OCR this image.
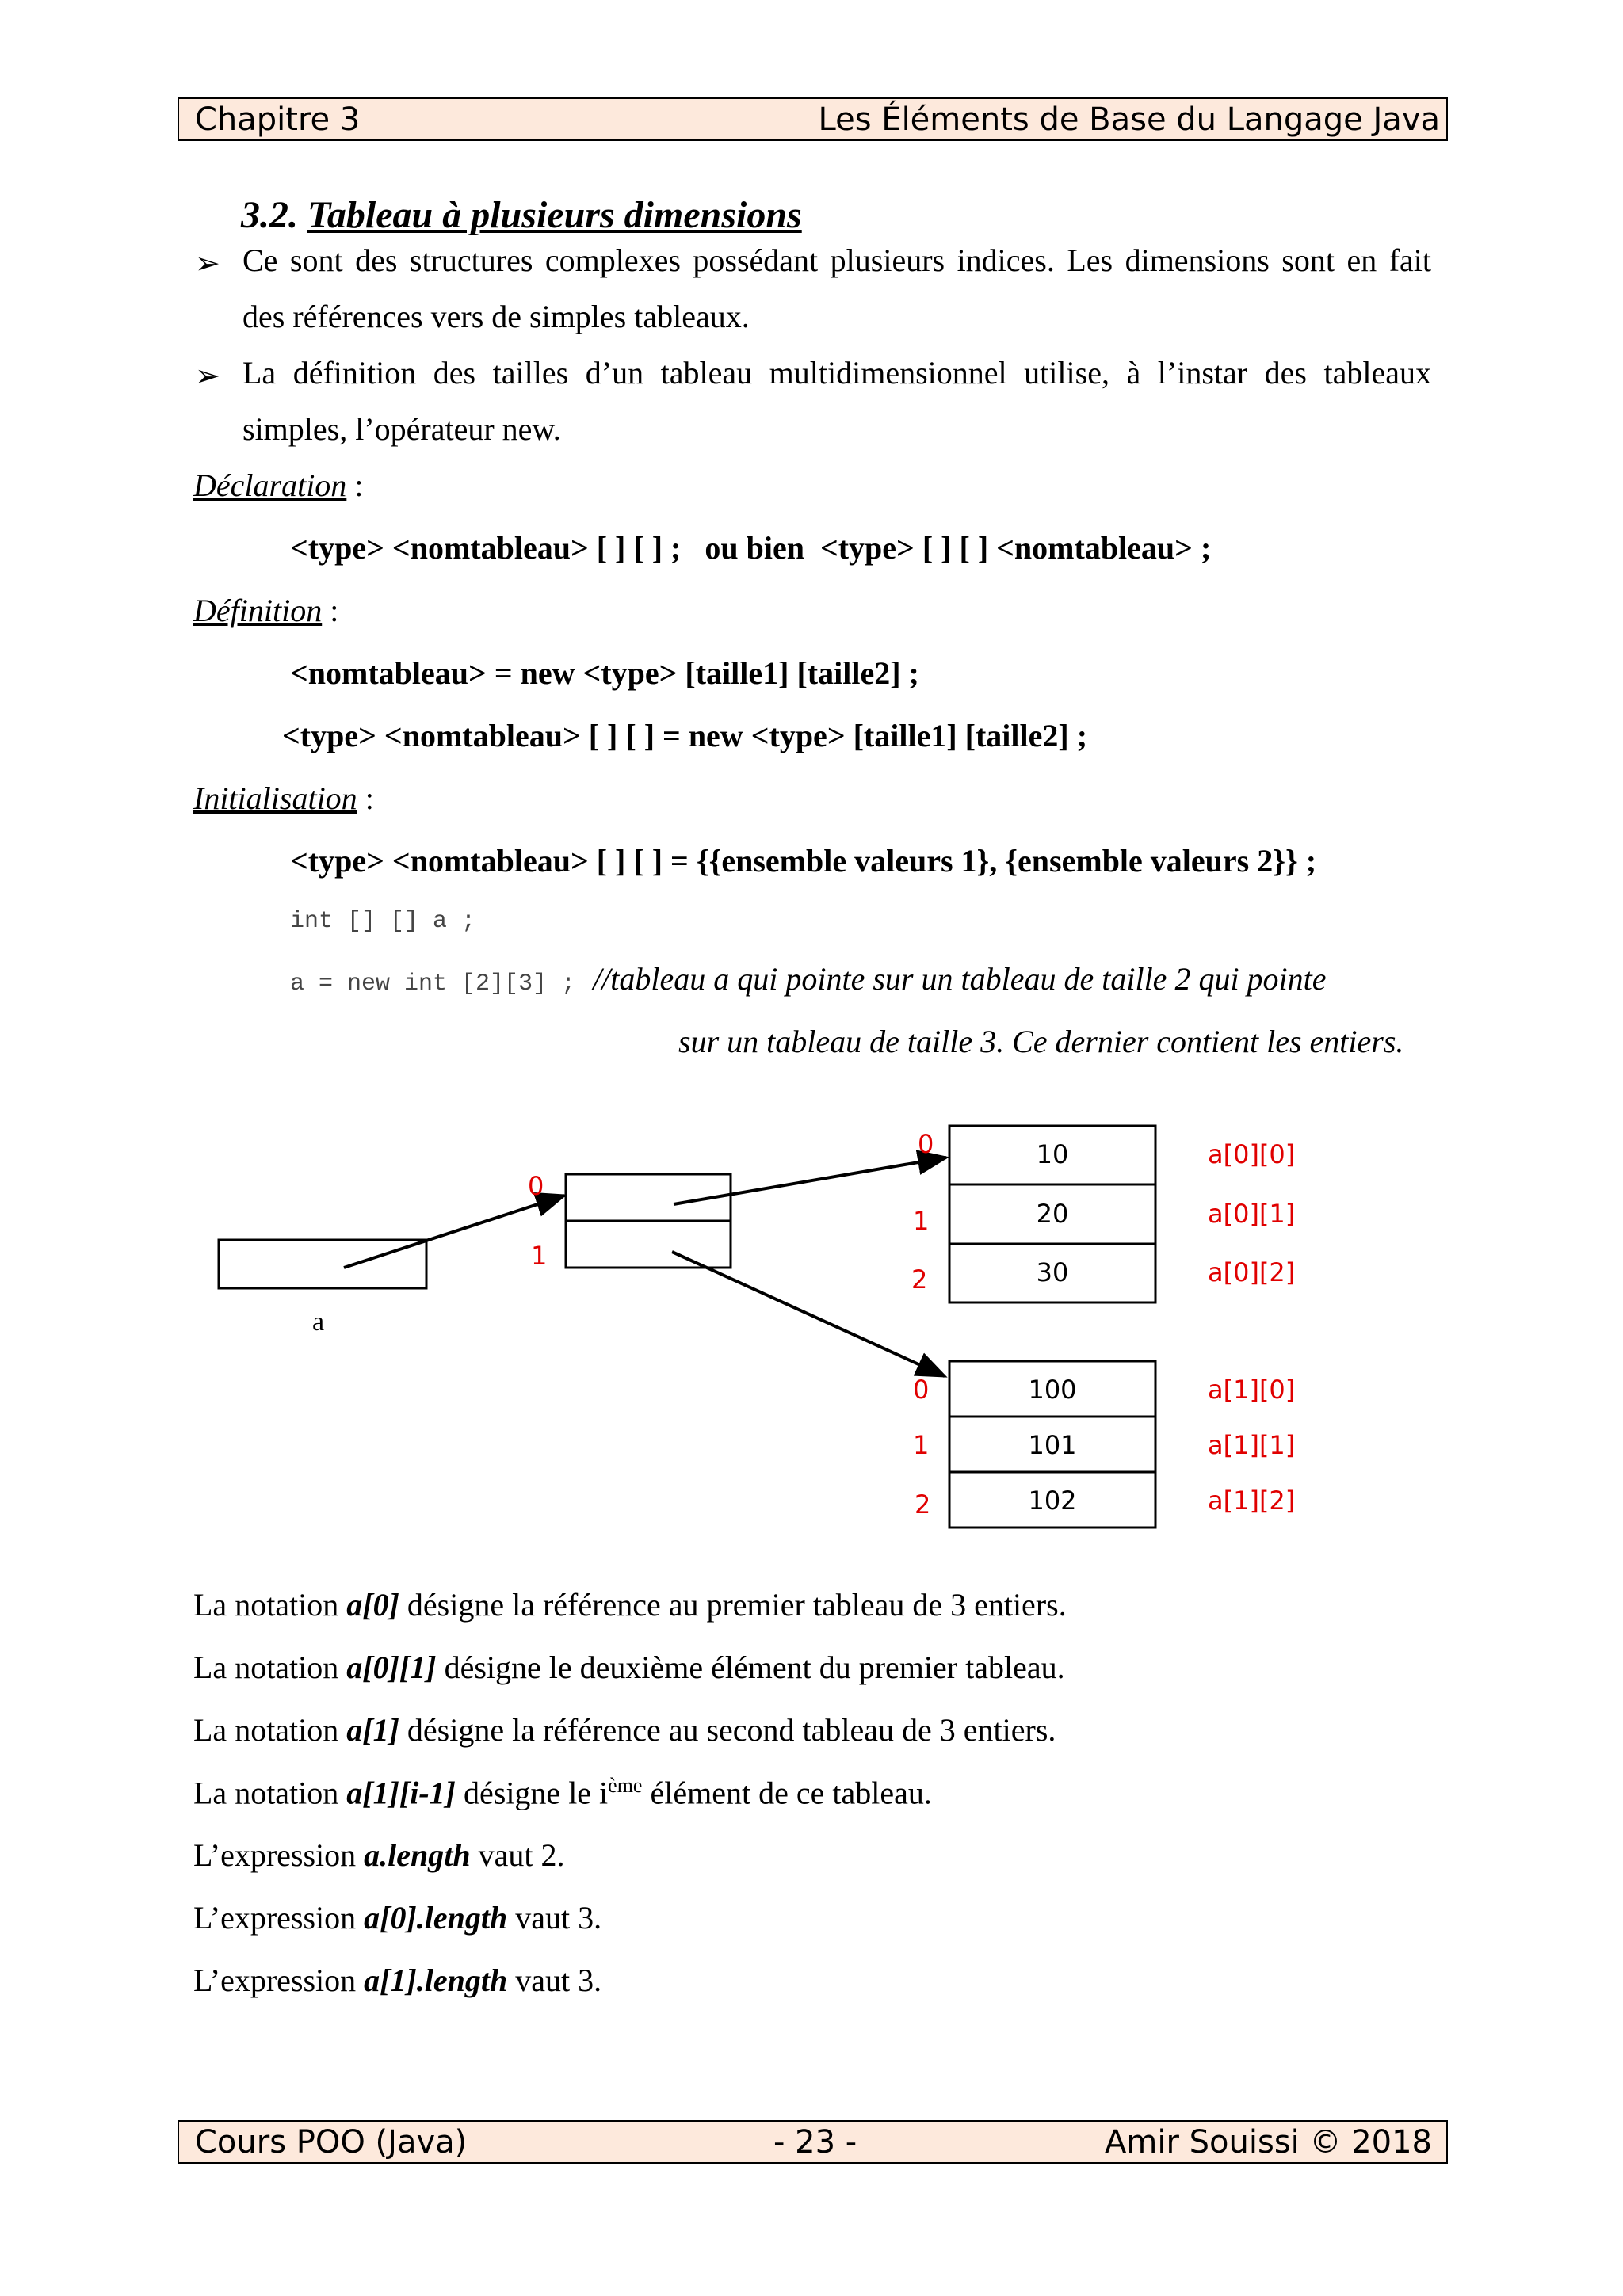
Chapitre 3	Les Éléments de Base du Langage Java
3.2. Tableau à plusieurs dimensions
➢ Ce sont des structures complexes possédant plusieurs indices. Les dimensions sont en fait
des références vers de simples tableaux.
➢ La définition des tailles d’un tableau multidimensionnel utilise, à l’instar des tableaux
simples, l’opérateur new.
Déclaration :
<type> <nomtableau> [ ] [ ] ;   ou bien  <type> [ ] [ ] <nomtableau> ;
Définition :
<nomtableau> = new <type> [taille1] [taille2] ;
<type> <nomtableau> [ ] [ ] = new <type> [taille1] [taille2] ;
Initialisation :
<type> <nomtableau> [ ] [ ] = {{ensemble valeurs 1}, {ensemble valeurs 2}} ;
int [] [] a ;
a = new int [2][3] ; //tableau a qui pointe sur un tableau de taille 2 qui pointe
sur un tableau de taille 3. Ce dernier contient les entiers.
a
0
1
0
1
2
10
20
30
a[0][0]
a[0][1]
a[0][2]
0
1
2
100
101
102
a[1][0]
a[1][1]
a[1][2]
La notation a[0] désigne la référence au premier tableau de 3 entiers.
La notation a[0][1] désigne le deuxième élément du premier tableau.
La notation a[1] désigne la référence au second tableau de 3 entiers.
La notation a[1][i-1] désigne le $i^{ème}$ élément de ce tableau.
L’expression a.length vaut 2.
L’expression a[0].length vaut 3.
L’expression a[1].length vaut 3.
Cours POO (Java)	- 23 -	Amir Souissi © 2018
